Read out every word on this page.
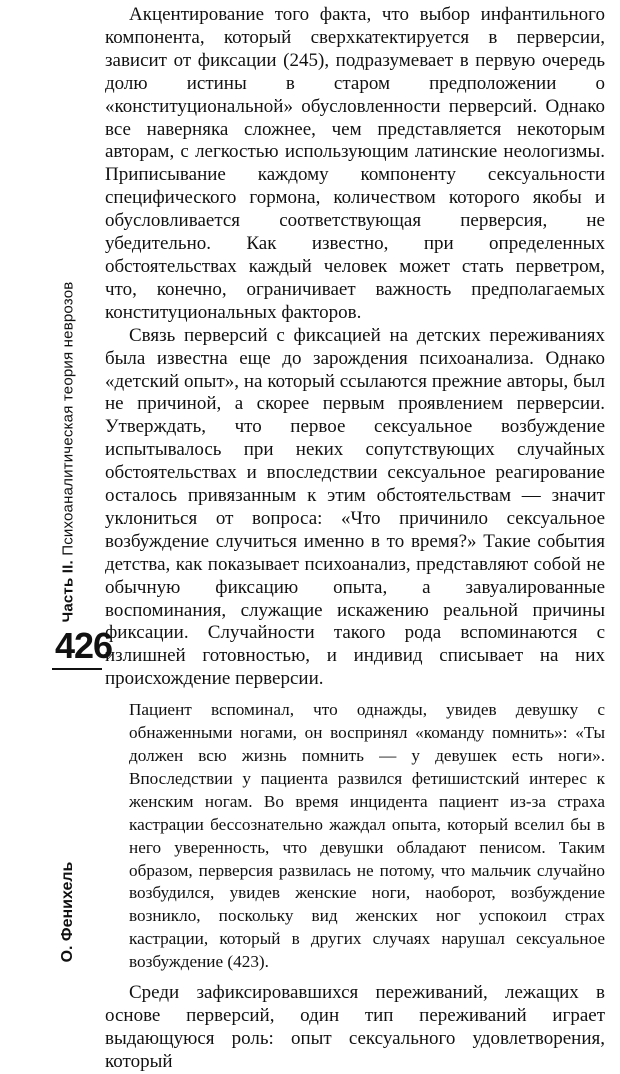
Часть II. Психоаналитическая теория неврозов
426
О. Фенихель

Акцентирование того факта, что выбор инфантильного компонента, который сверхкатектируется в перверсии, зависит от фиксации (245), подразумевает в первую очередь долю истины в старом предположении о «конституциональной» обусловленности перверсий. Однако все наверняка сложнее, чем представляется некоторым авторам, с легкостью использующим латинские неологизмы. Приписывание каждому компоненту сексуальности специфического гормона, количеством которого якобы и обусловливается соответствующая перверсия, не убедительно. Как известно, при определенных обстоятельствах каждый человек может стать перветром, что, конечно, ограничивает важность предполагаемых конституциональных факторов.

Связь перверсий с фиксацией на детских переживаниях была известна еще до зарождения психоанализа. Однако «детский опыт», на который ссылаются прежние авторы, был не причиной, а скорее первым проявлением перверсии. Утверждать, что первое сексуальное возбуждение испытывалось при неких сопутствующих случайных обстоятельствах и впоследствии сексуальное реагирование осталось привязанным к этим обстоятельствам — значит уклониться от вопроса: «Что причинило сексуальное возбуждение случиться именно в то время?» Такие события детства, как показывает психоанализ, представляют собой не обычную фиксацию опыта, а завуалированные воспоминания, служащие искажению реальной причины фиксации. Случайности такого рода вспоминаются с излишней готовностью, и индивид списывает на них происхождение перверсии.

Пациент вспоминал, что однажды, увидев девушку с обнаженными ногами, он воспринял «команду помнить»: «Ты должен всю жизнь помнить — у девушек есть ноги». Впоследствии у пациента развился фетишистский интерес к женским ногам. Во время инцидента пациент из-за страха кастрации бессознательно жаждал опыта, который вселил бы в него уверенность, что девушки обладают пенисом. Таким образом, перверсия развилась не потому, что мальчик случайно возбудился, увидев женские ноги, наоборот, возбуждение возникло, поскольку вид женских ног успокоил страх кастрации, который в других случаях нарушал сексуальное возбуждение (423).

Среди зафиксировавшихся переживаний, лежащих в основе перверсий, один тип переживаний играет выдающуюся роль: опыт сексуального удовлетворения, который
